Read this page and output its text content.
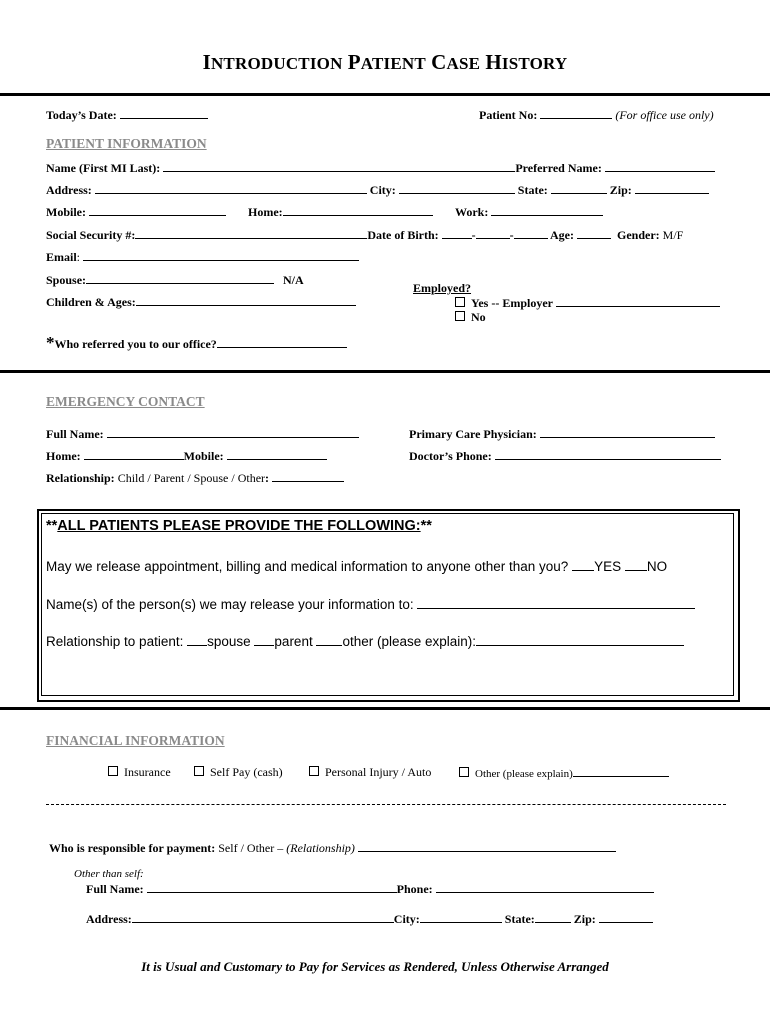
INTRODUCTION PATIENT CASE HISTORY
Today’s Date:	Patient No:	(For office use only)
PATIENT INFORMATION
Name (First MI Last):	Preferred Name:
Address:	City:	State:	Zip:
Mobile:	Home:	Work:
Social Security #:	Date of Birth:	-	-	Age:	Gender: M/F
Email:
Spouse:	N/A
Employed?
Yes -- Employer
No
Children & Ages:
*Who referred you to our office?
EMERGENCY CONTACT
Full Name:	Primary Care Physician:
Home:	Mobile:	Doctor’s Phone:
Relationship: Child / Parent / Spouse / Other:
**ALL PATIENTS PLEASE PROVIDE THE FOLLOWING:**
May we release appointment, billing and medical information to anyone other than you? YES NO
Name(s) of the person(s) we may release your information to:
Relationship to patient: spouse parent other (please explain):
FINANCIAL INFORMATION
Insurance	Self Pay (cash)	Personal Injury / Auto	Other (please explain)
Who is responsible for payment: Self / Other – (Relationship)
Other than self:
Full Name:	Phone:
Address:	City:	State:	Zip:
It is Usual and Customary to Pay for Services as Rendered, Unless Otherwise Arranged
